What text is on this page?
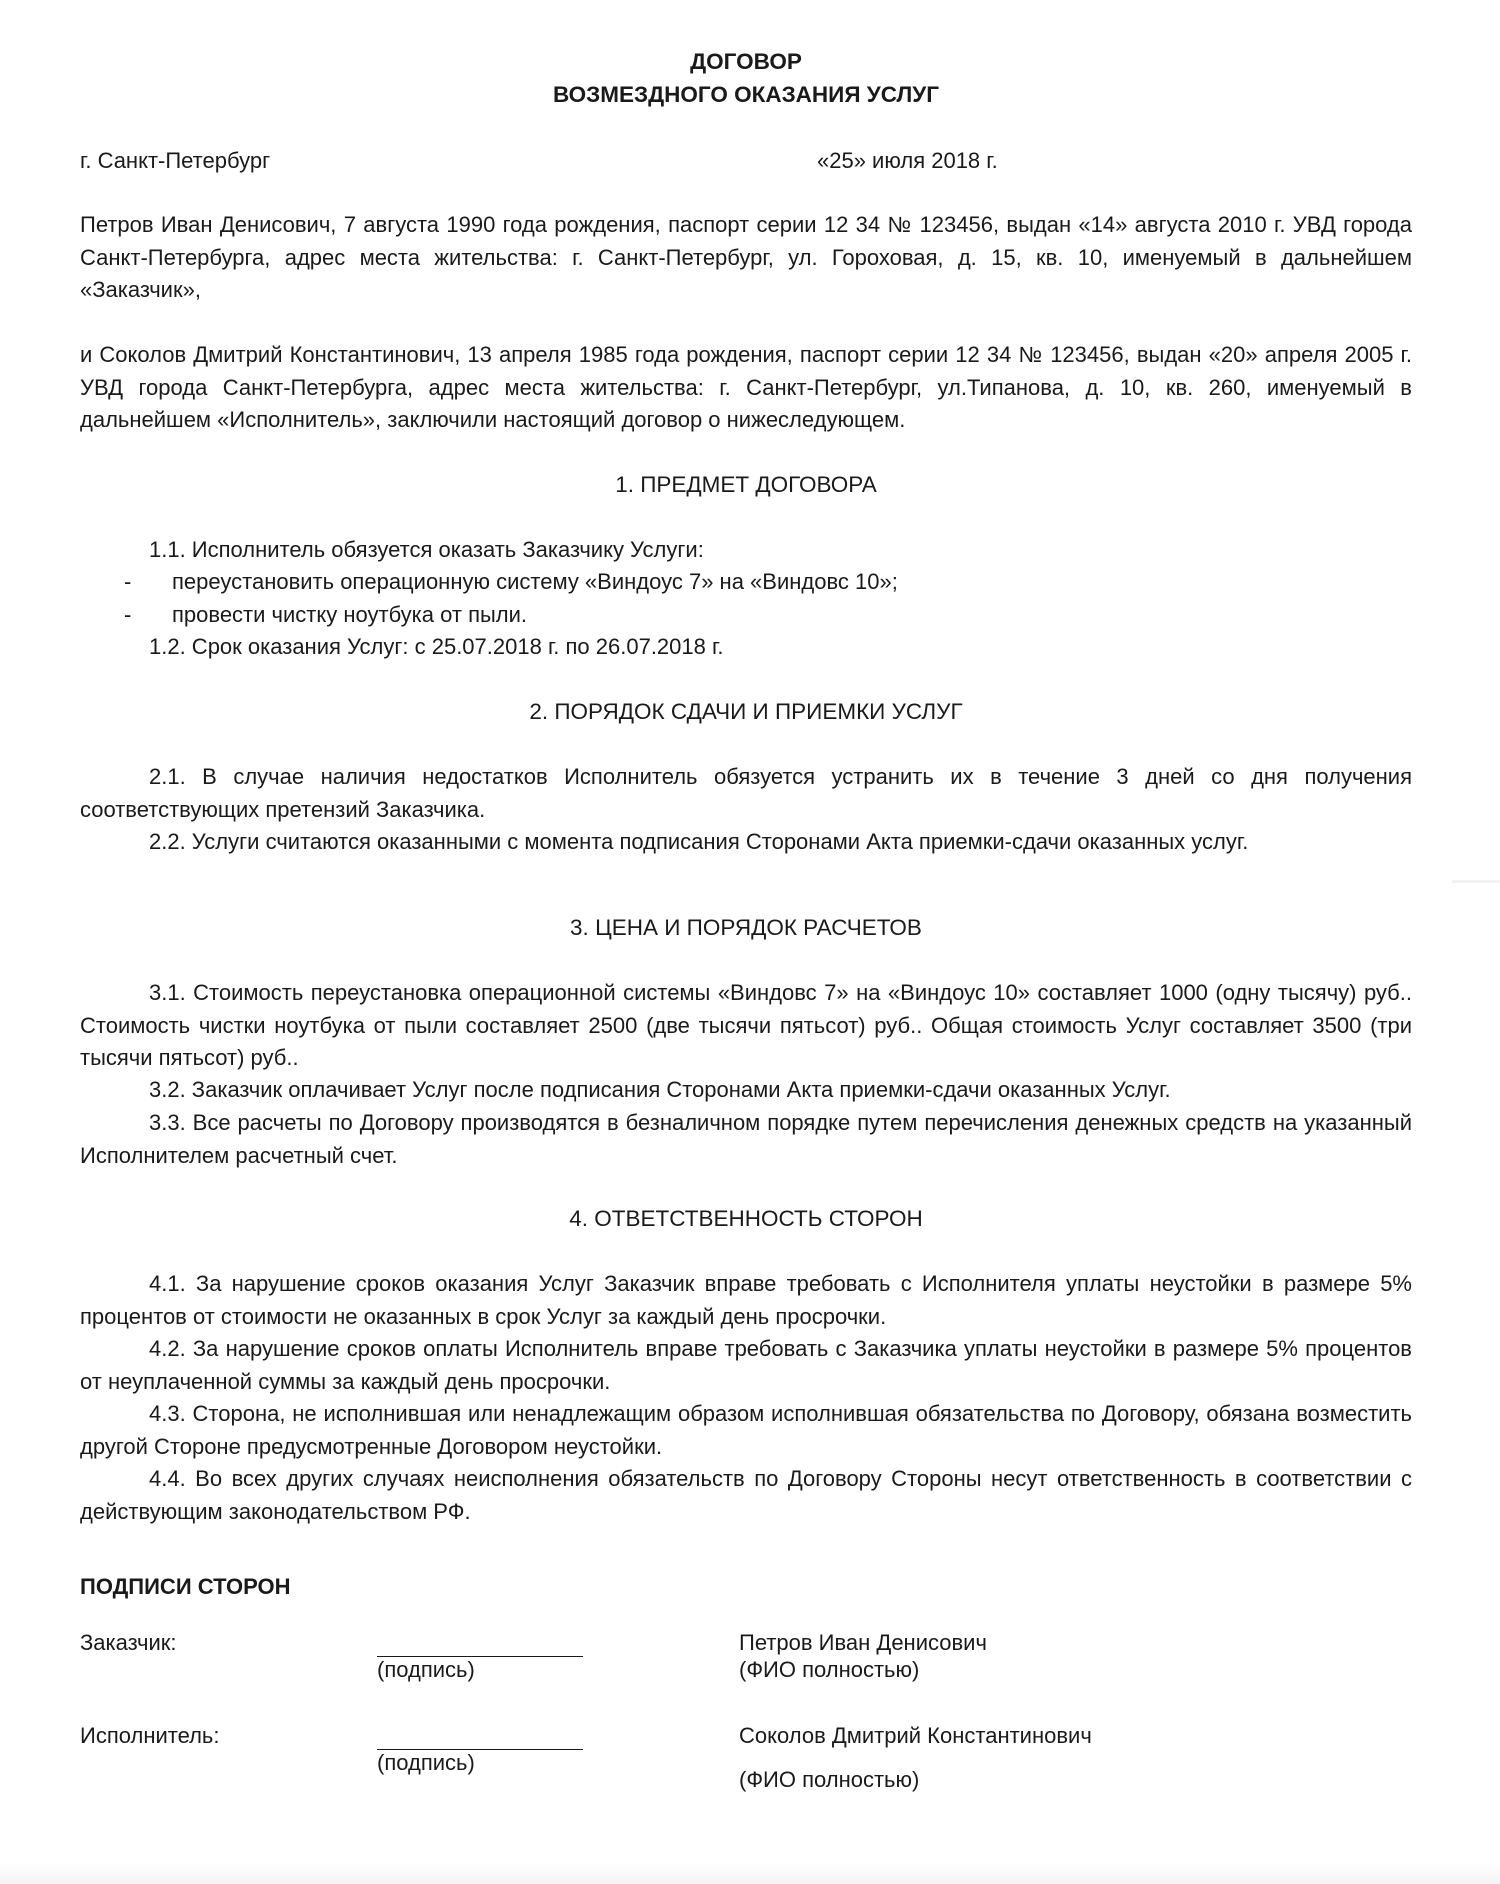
ДОГОВОР

ВОЗМЕЗДНОГО ОКАЗАНИЯ УСЛУГ

г. Санкт-Петербург	«25» июля 2018 г.

Петров Иван Денисович, 7 августа 1990 года рождения, паспорт серии 12 34 № 123456, выдан «14» августа 2010 г. УВД города Санкт-Петербурга, адрес места жительства: г. Санкт-Петербург, ул. Гороховая, д. 15, кв. 10, именуемый в дальнейшем «Заказчик»,

и Соколов Дмитрий Константинович, 13 апреля 1985 года рождения, паспорт серии 12 34 № 123456, выдан «20» апреля 2005 г. УВД города Санкт-Петербурга, адрес места жительства: г. Санкт-Петербург, ул.Типанова, д. 10, кв. 260, именуемый в дальнейшем «Исполнитель», заключили настоящий договор о нижеследующем.

1. ПРЕДМЕТ ДОГОВОРА

1.1. Исполнитель обязуется оказать Заказчику Услуги:

- переустановить операционную систему «Виндоус 7» на «Виндовс 10»;
- провести чистку ноутбука от пыли.

1.2. Срок оказания Услуг: с 25.07.2018 г. по 26.07.2018 г.

2. ПОРЯДОК СДАЧИ И ПРИЕМКИ УСЛУГ

2.1. В случае наличия недостатков Исполнитель обязуется устранить их в течение 3 дней со дня получения соответствующих претензий Заказчика.

2.2. Услуги считаются оказанными с момента подписания Сторонами Акта приемки-сдачи оказанных услуг.

3. ЦЕНА И ПОРЯДОК РАСЧЕТОВ

3.1. Стоимость переустановка операционной системы «Виндовс 7» на «Виндоус 10» составляет 1000 (одну тысячу) руб.. Стоимость чистки ноутбука от пыли составляет 2500 (две тысячи пятьсот) руб.. Общая стоимость Услуг составляет 3500 (три тысячи пятьсот) руб..

3.2. Заказчик оплачивает Услуг после подписания Сторонами Акта приемки-сдачи оказанных Услуг.

3.3. Все расчеты по Договору производятся в безналичном порядке путем перечисления денежных средств на указанный Исполнителем расчетный счет.

4. ОТВЕТСТВЕННОСТЬ СТОРОН

4.1. За нарушение сроков оказания Услуг Заказчик вправе требовать с Исполнителя уплаты неустойки в размере 5% процентов от стоимости не оказанных в срок Услуг за каждый день просрочки.

4.2. За нарушение сроков оплаты Исполнитель вправе требовать с Заказчика уплаты неустойки в размере 5% процентов от неуплаченной суммы за каждый день просрочки.

4.3. Сторона, не исполнившая или ненадлежащим образом исполнившая обязательства по Договору, обязана возместить другой Стороне предусмотренные Договором неустойки.

4.4. Во всех других случаях неисполнения обязательств по Договору Стороны несут ответственность в соответствии с действующим законодательством РФ.

ПОДПИСИ СТОРОН

Заказчик:

(подпись)

Петров Иван Денисович

(ФИО полностью)

Исполнитель:

(подпись)

Соколов Дмитрий Константинович

(ФИО полностью)
